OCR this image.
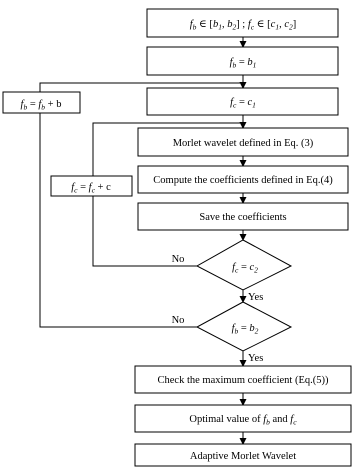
$f_b$ ∈ [$b_1$, $b_2$] ; $f_c$ ∈ [$c_1$, $c_2$]
$f_b = b_1$
$f_c = c_1$
Morlet wavelet defined in Eq. (3)
Compute the coefficients defined in Eq.(4)
Save the coefficients
$f_c = c_2$
$f_b = b_2$
Check the maximum coefficient (Eq.(5))
Optimal value of $f_b$ and $f_c$
Adaptive Morlet Wavelet
$f_b = f_b + b$
$f_c = f_c + c$
No
Yes
No
Yes
